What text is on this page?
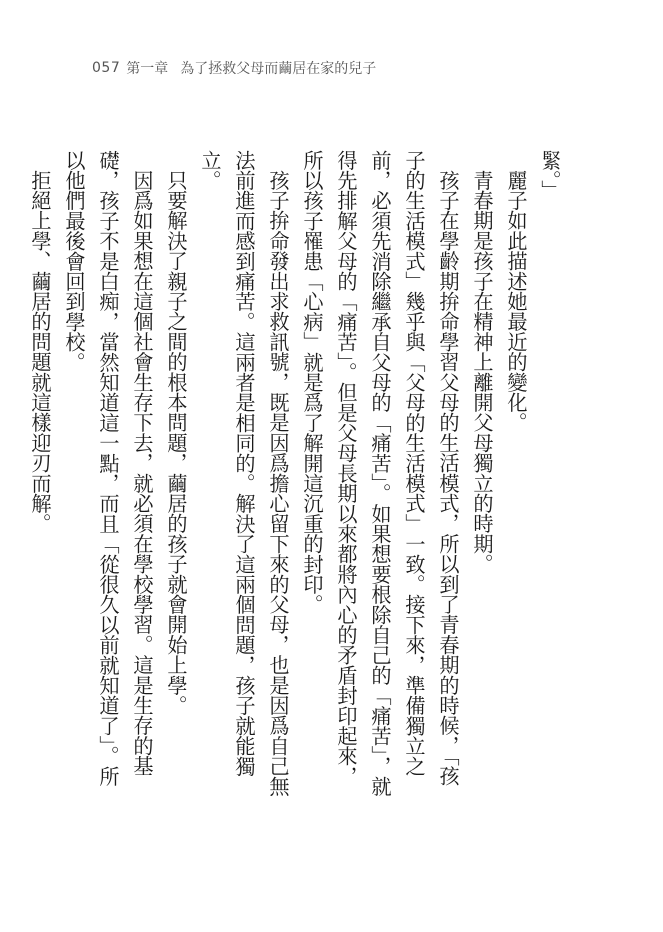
057 第一章 為了拯救父母而繭居在家的兒子

緊。」

麗子如此描述她最近的變化。

青春期是孩子在精神上離開父母獨立的時期。

孩子在學齡期拚命學習父母的生活模式，所以到了青春期的時候，「孩子的生活模式」幾乎與「父母的生活模式」一致。接下來，準備獨立之前，必須先消除繼承自父母的「痛苦」。如果想要根除自己的「痛苦」，就得先排解父母的「痛苦」。但是父母長期以來都將內心的矛盾封印起來，所以孩子罹患「心病」就是爲了解開這沉重的封印。

孩子拚命發出求救訊號，既是因爲擔心留下來的父母，也是因爲自己無法前進而感到痛苦。這兩者是相同的。解決了這兩個問題，孩子就能獨立。

只要解決了親子之間的根本問題，繭居的孩子就會開始上學。

因爲如果想在這個社會生存下去，就必須在學校學習。這是生存的基礎，孩子不是白痴，當然知道這一點，而且「從很久以前就知道了」。所以他們最後會回到學校。

拒絕上學、繭居的問題就這樣迎刃而解。
